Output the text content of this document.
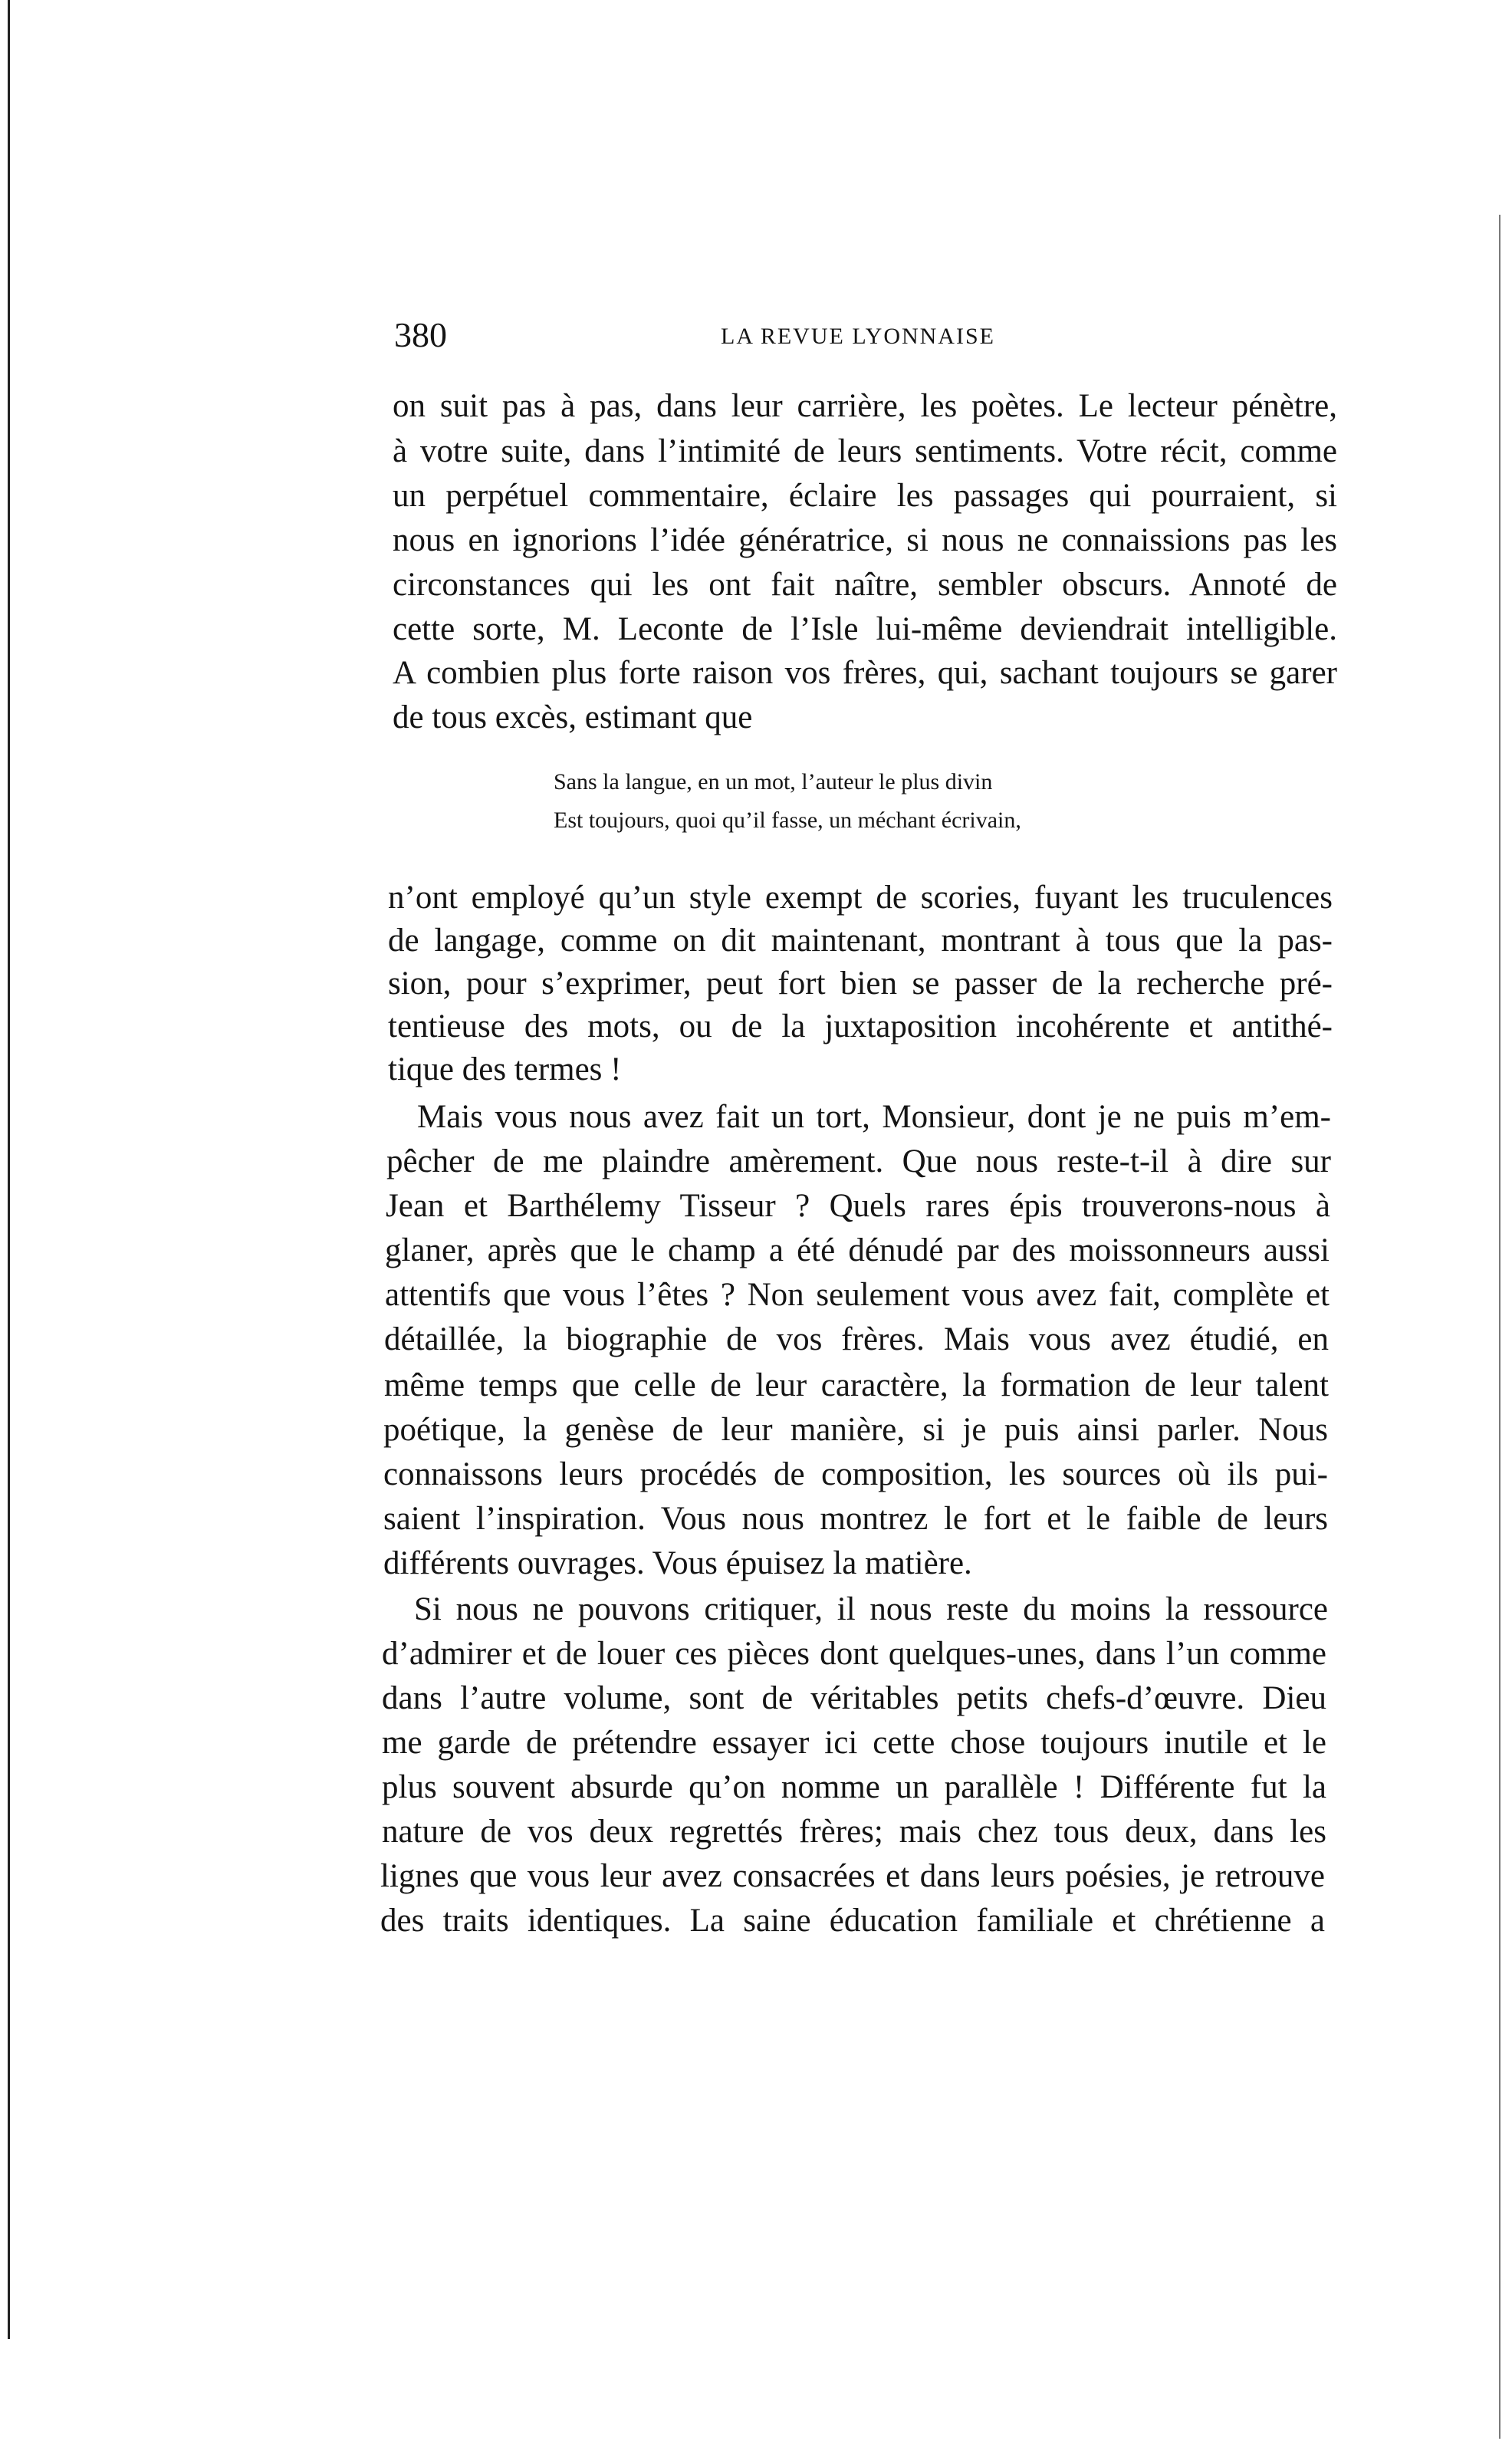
380	LA REVUE LYONNAISE
on suit pas à pas, dans leur carrière, les poètes. Le lecteur pénètre,
à votre suite, dans l’intimité de leurs sentiments. Votre récit, comme
un perpétuel commentaire, éclaire les passages qui pourraient, si
nous en ignorions l’idée génératrice, si nous ne connaissions pas les
circonstances qui les ont fait naître, sembler obscurs. Annoté de
cette sorte, M. Leconte de l’Isle lui-même deviendrait intelligible.
A combien plus forte raison vos frères, qui, sachant toujours se garer
de tous excès, estimant que
Sans la langue, en un mot, l’auteur le plus divin
Est toujours, quoi qu’il fasse, un méchant écrivain,
n’ont employé qu’un style exempt de scories, fuyant les truculences
de langage, comme on dit maintenant, montrant à tous que la pas-
sion, pour s’exprimer, peut fort bien se passer de la recherche pré-
tentieuse des mots, ou de la juxtaposition incohérente et antithé-
tique des termes !
Mais vous nous avez fait un tort, Monsieur, dont je ne puis m’em-
pêcher de me plaindre amèrement. Que nous reste-t-il à dire sur
Jean et Barthélemy Tisseur ? Quels rares épis trouverons-nous à
glaner, après que le champ a été dénudé par des moissonneurs aussi
attentifs que vous l’êtes ? Non seulement vous avez fait, complète et
détaillée, la biographie de vos frères. Mais vous avez étudié, en
même temps que celle de leur caractère, la formation de leur talent
poétique, la genèse de leur manière, si je puis ainsi parler. Nous
connaissons leurs procédés de composition, les sources où ils pui-
saient l’inspiration. Vous nous montrez le fort et le faible de leurs
différents ouvrages. Vous épuisez la matière.
Si nous ne pouvons critiquer, il nous reste du moins la ressource
d’admirer et de louer ces pièces dont quelques-unes, dans l’un comme
dans l’autre volume, sont de véritables petits chefs-d’œuvre. Dieu
me garde de prétendre essayer ici cette chose toujours inutile et le
plus souvent absurde qu’on nomme un parallèle ! Différente fut la
nature de vos deux regrettés frères; mais chez tous deux, dans les
lignes que vous leur avez consacrées et dans leurs poésies, je retrouve
des traits identiques. La saine éducation familiale et chrétienne a
